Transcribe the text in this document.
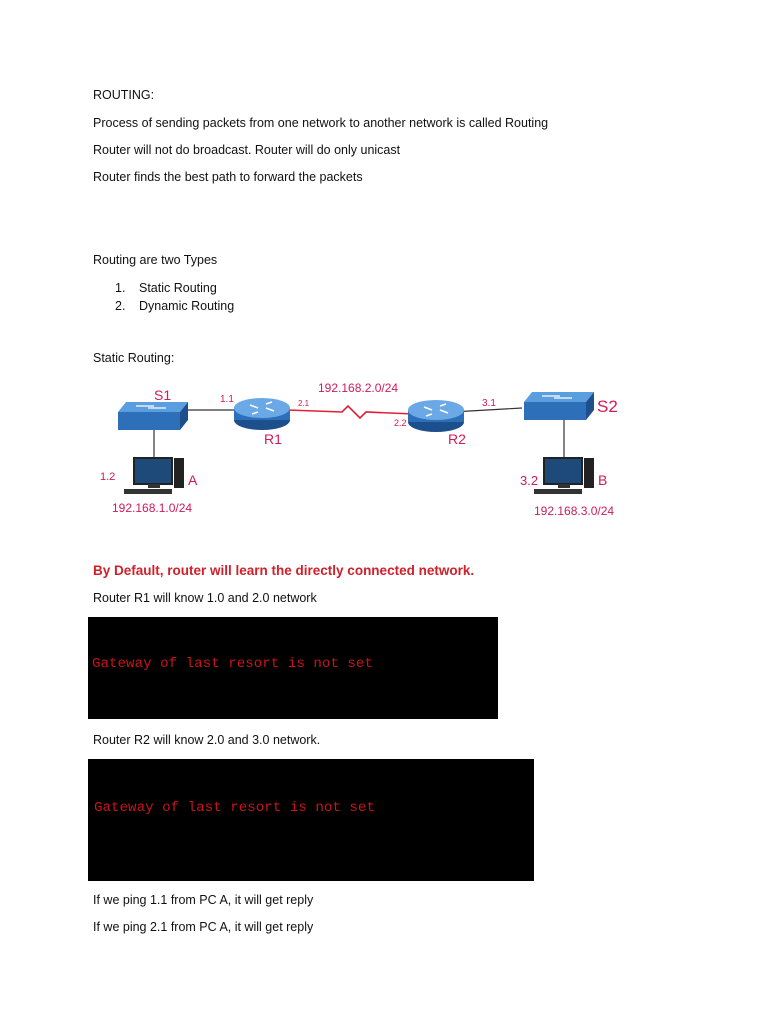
ROUTING:
Process of sending packets from one network to another network is called Routing
Router will not do broadcast. Router will do only unicast
Router finds the best path to forward the packets
Routing are two Types
1. Static Routing
2. Dynamic Routing
Static Routing:
S1
S2
R1	R2
A	B
1.2	3.2
1.1	2.1
2.2
3.1
192.168.2.0/24
192.168.1.0/24	192.168.3.0/24
By Default, router will learn the directly connected network.
Router R1 will know 1.0 and 2.0 network

Gateway of last resort is not set

Router R2 will know 2.0 and 3.0 network.

Gateway of last resort is not set

If we ping 1.1 from PC A, it will get reply
If we ping 2.1 from PC A, it will get reply
